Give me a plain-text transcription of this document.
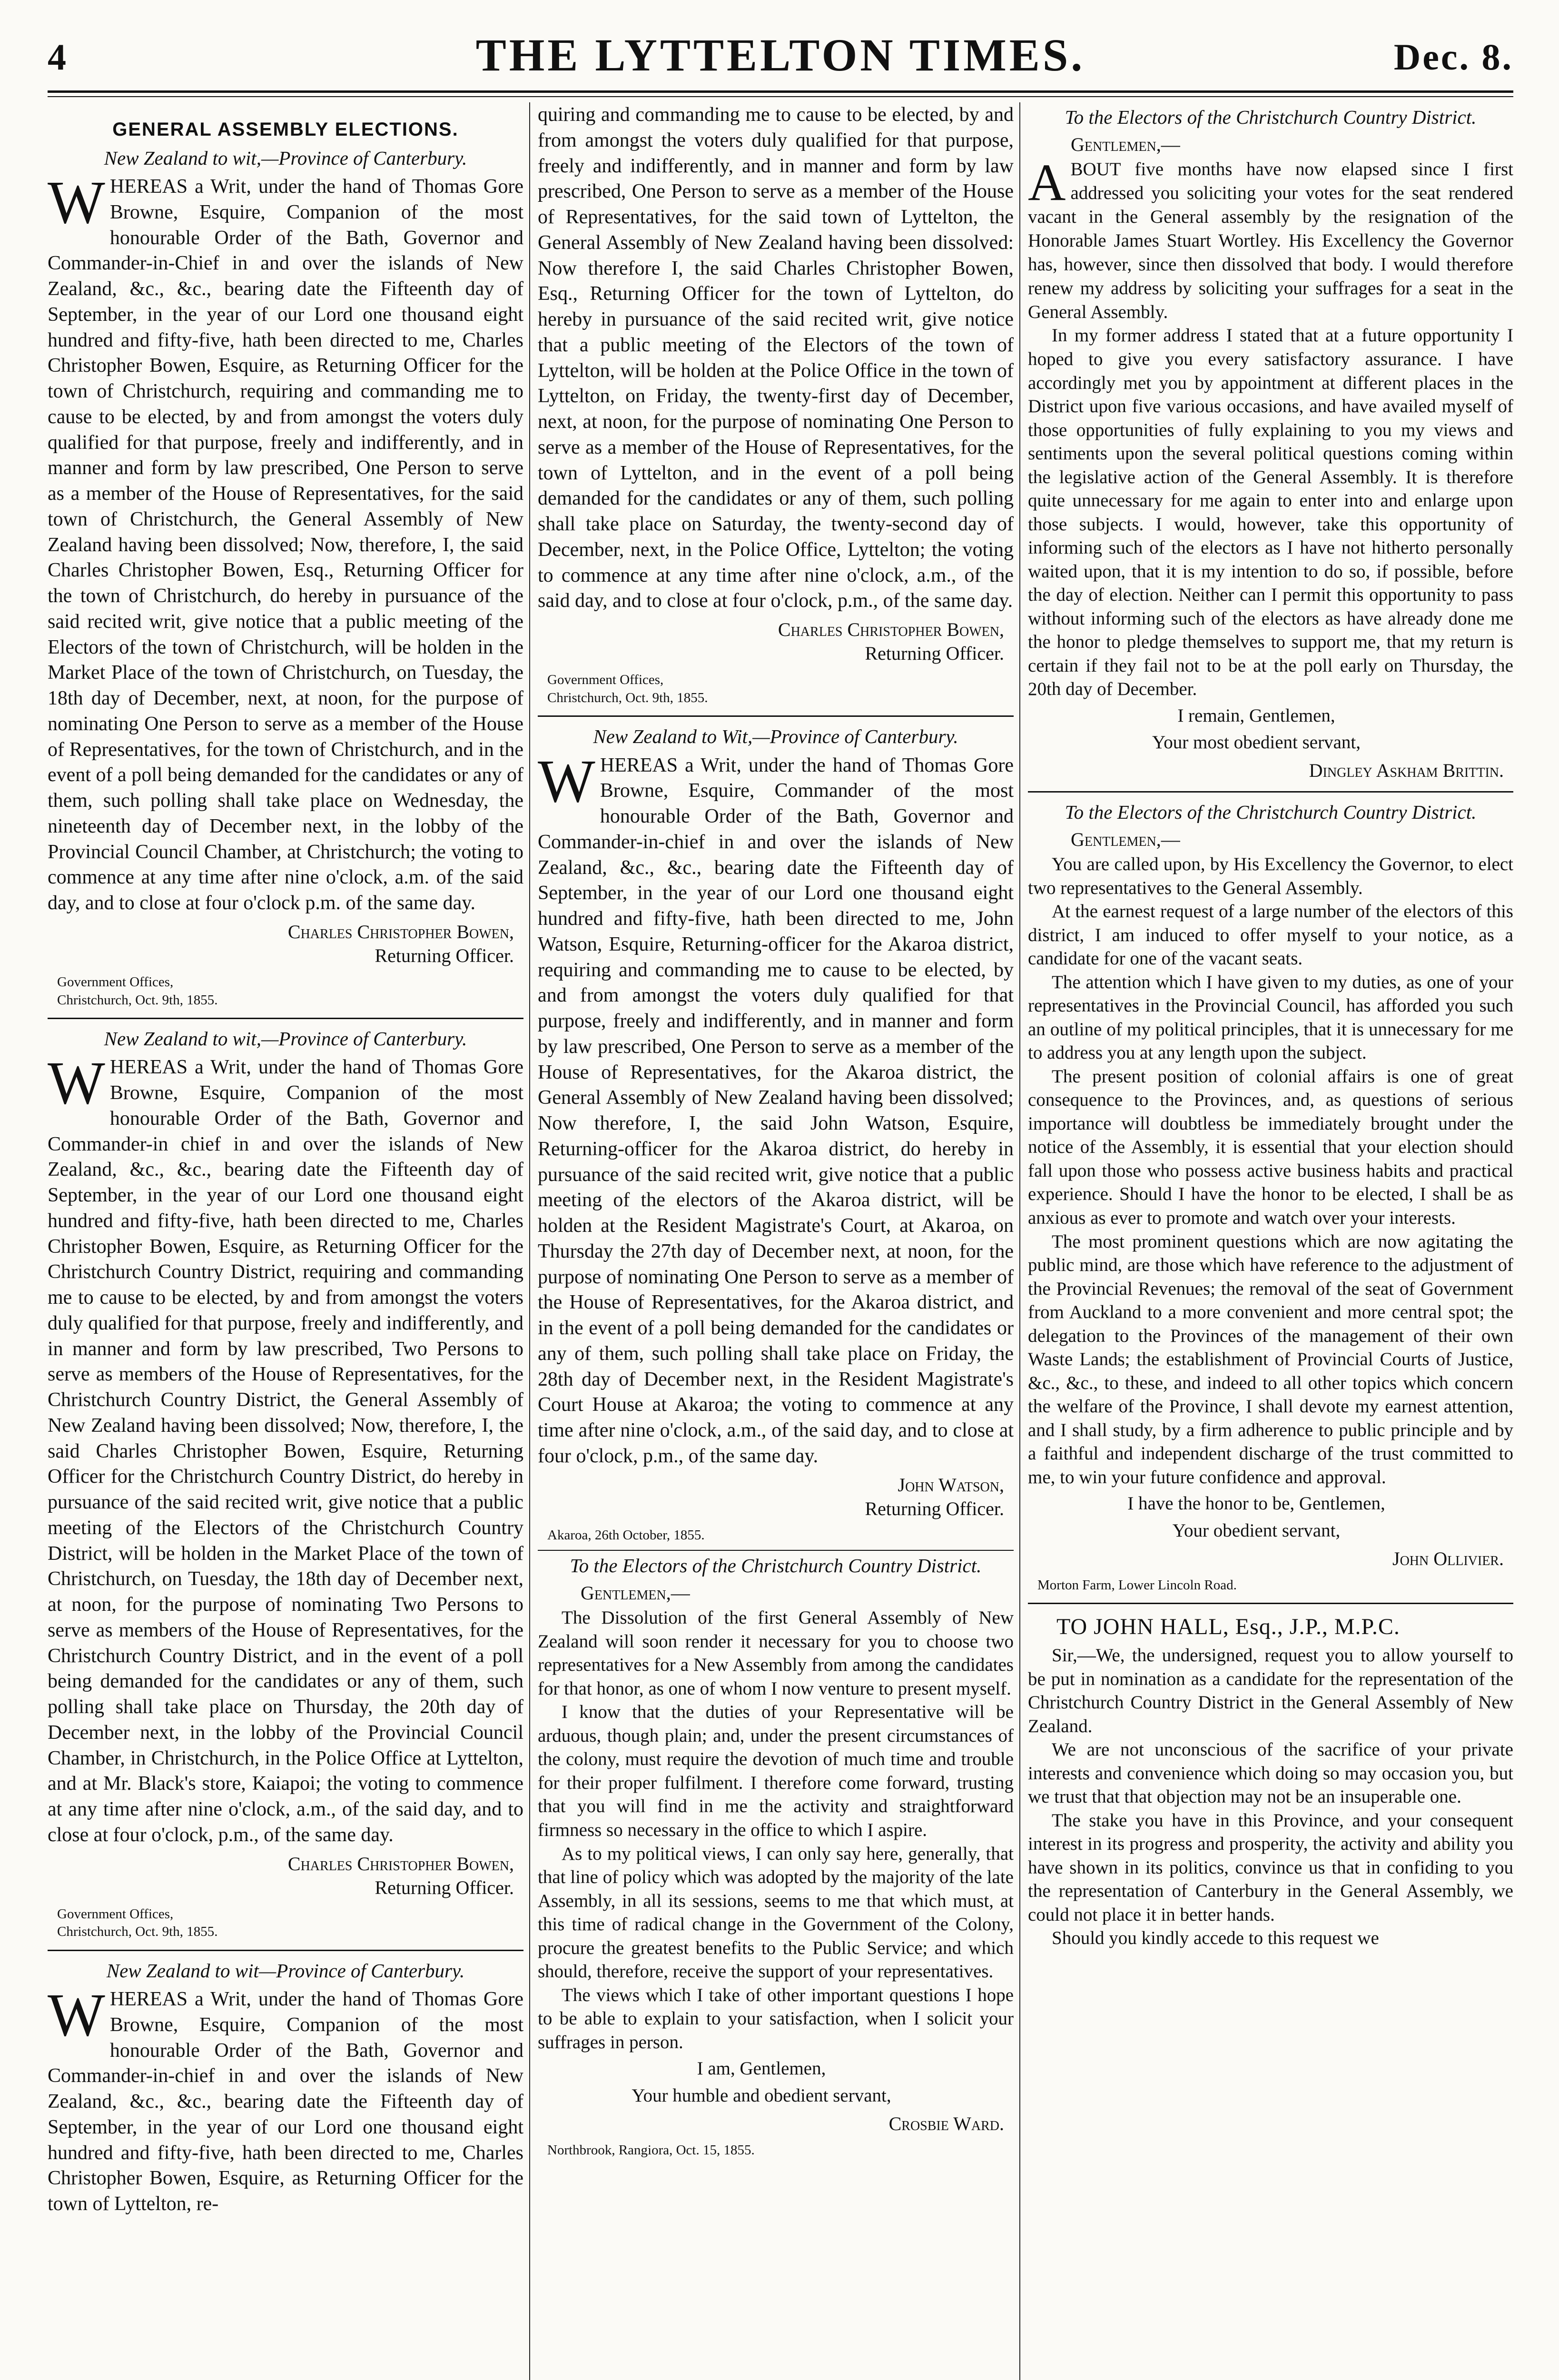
4	THE LYTTELTON TIMES.	Dec. 8.
GENERAL ASSEMBLY ELECTIONS.
New Zealand to wit,—Province of Canterbury.

WHEREAS a Writ, under the hand of Thomas Gore Browne, Esquire, Companion of the most honourable Order of the Bath, Governor and Commander-in-Chief in and over the islands of New Zealand, &c., &c., bearing date the Fifteenth day of September, in the year of our Lord one thousand eight hundred and fifty-five, hath been directed to me, Charles Christopher Bowen, Esquire, as Returning Officer for the town of Christchurch, requiring and commanding me to cause to be elected, by and from amongst the voters duly qualified for that purpose, freely and indifferently, and in manner and form by law prescribed, One Person to serve as a member of the House of Representatives, for the said town of Christchurch, the General Assembly of New Zealand having been dissolved; Now, therefore, I, the said Charles Christopher Bowen, Esq., Returning Officer for the town of Christchurch, do hereby in pursuance of the said recited writ, give notice that a public meeting of the Electors of the town of Christchurch, will be holden in the Market Place of the town of Christchurch, on Tuesday, the 18th day of December, next, at noon, for the purpose of nominating One Person to serve as a member of the House of Representatives, for the town of Christchurch, and in the event of a poll being demanded for the candidates or any of them, such polling shall take place on Wednesday, the nineteenth day of December next, in the lobby of the Provincial Council Chamber, at Christchurch; the voting to commence at any time after nine o'clock, a.m. of the said day, and to close at four o'clock p.m. of the same day.

Charles Christopher Bowen,
Returning Officer.
Government Offices,
Christchurch, Oct. 9th, 1855.
New Zealand to wit,—Province of Canterbury.

WHEREAS a Writ, under the hand of Thomas Gore Browne, Esquire, Companion of the most honourable Order of the Bath, Governor and Commander-in chief in and over the islands of New Zealand, &c., &c., bearing date the Fifteenth day of September, in the year of our Lord one thousand eight hundred and fifty-five, hath been directed to me, Charles Christopher Bowen, Esquire, as Returning Officer for the Christchurch Country District, requiring and commanding me to cause to be elected, by and from amongst the voters duly qualified for that purpose, freely and indifferently, and in manner and form by law prescribed, Two Persons to serve as members of the House of Representatives, for the Christchurch Country District, the General Assembly of New Zealand having been dissolved; Now, therefore, I, the said Charles Christopher Bowen, Esquire, Returning Officer for the Christchurch Country District, do hereby in pursuance of the said recited writ, give notice that a public meeting of the Electors of the Christchurch Country District, will be holden in the Market Place of the town of Christchurch, on Tuesday, the 18th day of December next, at noon, for the purpose of nominating Two Persons to serve as members of the House of Representatives, for the Christchurch Country District, and in the event of a poll being demanded for the candidates or any of them, such polling shall take place on Thursday, the 20th day of December next, in the lobby of the Provincial Council Chamber, in Christchurch, in the Police Office at Lyttelton, and at Mr. Black's store, Kaiapoi; the voting to commence at any time after nine o'clock, a.m., of the said day, and to close at four o'clock, p.m., of the same day.

Charles Christopher Bowen,
Returning Officer.
Government Offices,
Christchurch, Oct. 9th, 1855.
New Zealand to wit—Province of Canterbury.

WHEREAS a Writ, under the hand of Thomas Gore Browne, Esquire, Companion of the most honourable Order of the Bath, Governor and Commander-in-chief in and over the islands of New Zealand, &c., &c., bearing date the Fifteenth day of September, in the year of our Lord one thousand eight hundred and fifty-five, hath been directed to me, Charles Christopher Bowen, Esquire, as Returning Officer for the town of Lyttelton, re-

quiring and commanding me to cause to be elected, by and from amongst the voters duly qualified for that purpose, freely and indifferently, and in manner and form by law prescribed, One Person to serve as a member of the House of Representatives, for the said town of Lyttelton, the General Assembly of New Zealand having been dissolved: Now therefore I, the said Charles Christopher Bowen, Esq., Returning Officer for the town of Lyttelton, do hereby in pursuance of the said recited writ, give notice that a public meeting of the Electors of the town of Lyttelton, will be holden at the Police Office in the town of Lyttelton, on Friday, the twenty-first day of December, next, at noon, for the purpose of nominating One Person to serve as a member of the House of Representatives, for the town of Lyttelton, and in the event of a poll being demanded for the candidates or any of them, such polling shall take place on Saturday, the twenty-second day of December, next, in the Police Office, Lyttelton; the voting to commence at any time after nine o'clock, a.m., of the said day, and to close at four o'clock, p.m., of the same day.

Charles Christopher Bowen,
Returning Officer.
Government Offices,
Christchurch, Oct. 9th, 1855.
New Zealand to Wit,—Province of Canterbury.

WHEREAS a Writ, under the hand of Thomas Gore Browne, Esquire, Commander of the most honourable Order of the Bath, Governor and Commander-in-chief in and over the islands of New Zealand, &c., &c., bearing date the Fifteenth day of September, in the year of our Lord one thousand eight hundred and fifty-five, hath been directed to me, John Watson, Esquire, Returning-officer for the Akaroa district, requiring and commanding me to cause to be elected, by and from amongst the voters duly qualified for that purpose, freely and indifferently, and in manner and form by law prescribed, One Person to serve as a member of the House of Representatives, for the Akaroa district, the General Assembly of New Zealand having been dissolved; Now therefore, I, the said John Watson, Esquire, Returning-officer for the Akaroa district, do hereby in pursuance of the said recited writ, give notice that a public meeting of the electors of the Akaroa district, will be holden at the Resident Magistrate's Court, at Akaroa, on Thursday the 27th day of December next, at noon, for the purpose of nominating One Person to serve as a member of the House of Representatives, for the Akaroa district, and in the event of a poll being demanded for the candidates or any of them, such polling shall take place on Friday, the 28th day of December next, in the Resident Magistrate's Court House at Akaroa; the voting to commence at any time after nine o'clock, a.m., of the said day, and to close at four o'clock, p.m., of the same day.

John Watson,
Returning Officer.
Akaroa, 26th October, 1855.
To the Electors of the Christchurch Country District.
Gentlemen,—

The Dissolution of the first General Assembly of New Zealand will soon render it necessary for you to choose two representatives for a New Assembly from among the candidates for that honor, as one of whom I now venture to present myself.

I know that the duties of your Representative will be arduous, though plain; and, under the present circumstances of the colony, must require the devotion of much time and trouble for their proper fulfilment. I therefore come forward, trusting that you will find in me the activity and straightforward firmness so necessary in the office to which I aspire.

As to my political views, I can only say here, generally, that that line of policy which was adopted by the majority of the late Assembly, in all its sessions, seems to me that which must, at this time of radical change in the Government of the Colony, procure the greatest benefits to the Public Service; and which should, therefore, receive the support of your representatives.

The views which I take of other important questions I hope to be able to explain to your satisfaction, when I solicit your suffrages in person.

I am, Gentlemen,
Your humble and obedient servant,
Crosbie Ward.
Northbrook, Rangiora, Oct. 15, 1855.
To the Electors of the Christchurch Country District.
Gentlemen,—

ABOUT five months have now elapsed since I first addressed you soliciting your votes for the seat rendered vacant in the General assembly by the resignation of the Honorable James Stuart Wortley. His Excellency the Governor has, however, since then dissolved that body. I would therefore renew my address by soliciting your suffrages for a seat in the General Assembly.

In my former address I stated that at a future opportunity I hoped to give you every satisfactory assurance. I have accordingly met you by appointment at different places in the District upon five various occasions, and have availed myself of those opportunities of fully explaining to you my views and sentiments upon the several political questions coming within the legislative action of the General Assembly. It is therefore quite unnecessary for me again to enter into and enlarge upon those subjects. I would, however, take this opportunity of informing such of the electors as I have not hitherto personally waited upon, that it is my intention to do so, if possible, before the day of election. Neither can I permit this opportunity to pass without informing such of the electors as have already done me the honor to pledge themselves to support me, that my return is certain if they fail not to be at the poll early on Thursday, the 20th day of December.

I remain, Gentlemen,
Your most obedient servant,
Dingley Askham Brittin.
To the Electors of the Christchurch Country District.
Gentlemen,—

You are called upon, by His Excellency the Governor, to elect two representatives to the General Assembly.

At the earnest request of a large number of the electors of this district, I am induced to offer myself to your notice, as a candidate for one of the vacant seats.

The attention which I have given to my duties, as one of your representatives in the Provincial Council, has afforded you such an outline of my political principles, that it is unnecessary for me to address you at any length upon the subject.

The present position of colonial affairs is one of great consequence to the Provinces, and, as questions of serious importance will doubtless be immediately brought under the notice of the Assembly, it is essential that your election should fall upon those who possess active business habits and practical experience. Should I have the honor to be elected, I shall be as anxious as ever to promote and watch over your interests.

The most prominent questions which are now agitating the public mind, are those which have reference to the adjustment of the Provincial Revenues; the removal of the seat of Government from Auckland to a more convenient and more central spot; the delegation to the Provinces of the management of their own Waste Lands; the establishment of Provincial Courts of Justice, &c., &c., to these, and indeed to all other topics which concern the welfare of the Province, I shall devote my earnest attention, and I shall study, by a firm adherence to public principle and by a faithful and independent discharge of the trust committed to me, to win your future confidence and approval.

I have the honor to be, Gentlemen,
Your obedient servant,
John Ollivier.
Morton Farm, Lower Lincoln Road.
TO JOHN HALL, Esq., J.P., M.P.C.

Sir,—We, the undersigned, request you to allow yourself to be put in nomination as a candidate for the representation of the Christchurch Country District in the General Assembly of New Zealand.

We are not unconscious of the sacrifice of your private interests and convenience which doing so may occasion you, but we trust that that objection may not be an insuperable one.

The stake you have in this Province, and your consequent interest in its progress and prosperity, the activity and ability you have shown in its politics, convince us that in confiding to you the representation of Canterbury in the General Assembly, we could not place it in better hands.

Should you kindly accede to this request we
